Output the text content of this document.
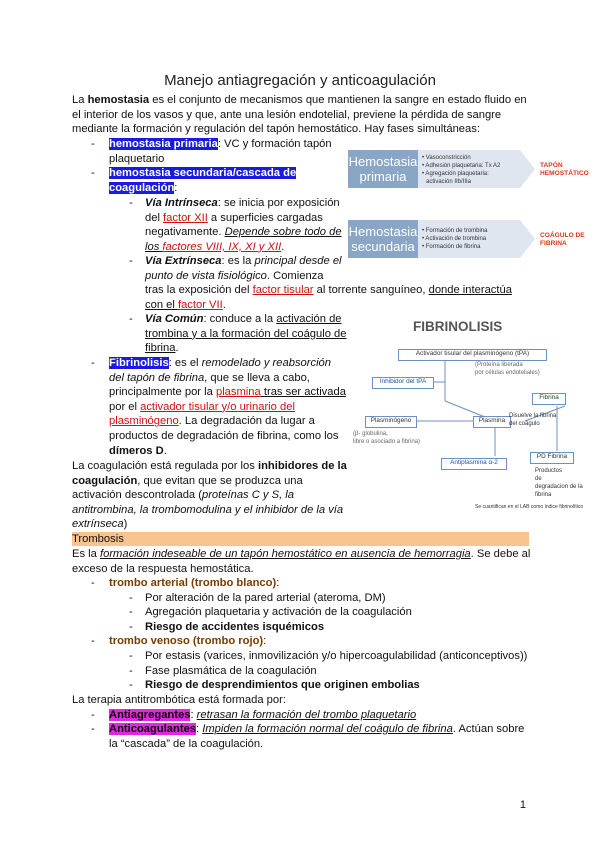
Manejo antiagregación y anticoagulación

La hemostasia es el conjunto de mecanismos que mantienen la sangre en estado fluido en

el interior de los vasos y que, ante una lesión endotelial, previene la pérdida de sangre

mediante la formación y regulación del tapón hemostático. Hay fases simultáneas:

- hemostasia primaria: VC y formación tapón

plaquetario

- hemostasia secundaria/cascada de

coagulación:

- Vía Intrínseca: se inicia por exposición

del factor XII a superficies cargadas

negativamente. Depende sobre todo de

los factores VIII, IX, XI y XII.

- Vía Extrínseca: es la principal desde el

punto de vista fisiológico. Comienza

tras la exposición del factor tisular al torrente sanguíneo, donde interactúa

con el factor VII.

- Vía Común: conduce a la activación de

trombina y a la formación del coágulo de

fibrina.

- Fibrinolisis: es el remodelado y reabsorción

del tapón de fibrina, que se lleva a cabo,

principalmente por la plasmina tras ser activada

por el activador tisular y/o urinario del

plasminógeno. La degradación da lugar a

productos de degradación de fibrina, como los

dímeros D.

La coagulación está regulada por los inhibidores de la

coagulación, que evitan que se produzca una

activación descontrolada (proteínas C y S, la

antitrombina, la trombomodulina y el inhibidor de la vía

extrínseca)

Trombosis

Es la formación indeseable de un tapón hemostático en ausencia de hemorragia. Se debe al

exceso de la respuesta hemostática.

- trombo arterial (trombo blanco):
- Por alteración de la pared arterial (ateroma, DM)
- Agregación plaquetaria y activación de la coagulación
- Riesgo de accidentes isquémicos
- trombo venoso (trombo rojo):
- Por estasis (varices, inmovilización y/o hipercoagulabilidad (anticonceptivos))
- Fase plasmática de la coagulación
- Riesgo de desprendimientos que originen embolias
La terapia antitrombótica está formada por:
- Antiagregantes: retrasan la formación del trombo plaquetario
- Anticoagulantes: Impiden la formación normal del coágulo de fibrina. Actúan sobre

la “cascada” de la coagulación.

1
Hemostasia
primaria
• Vasoconstricción
• Adhesión plaquetaria: Tx A2
• Agregación plaquetaria:
activación IIb/IIIa
TAPÓN
HEMOSTÁTICO
Hemostasia
secundaria
• Formación de trombina
• Activación de trombina
• Formación de fibrina
COÁGULO DE
FIBRINA
FIBRINOLISIS
Activador tisular del plasminógeno (tPA)
(Proteína liberada
por células endoteliales)
Inhibidor del tPA
Fibrina
Plasminógeno
(β- globulina,
libre o asociado a fibrina)
Plasmina
Disuelve la fibrina
del coágulo
Antiplasmina α-2
PD Fibrina
Productos
de
degradacion de la
fibrina
Se cuantifican en el LAB como índice fibrinolítico
